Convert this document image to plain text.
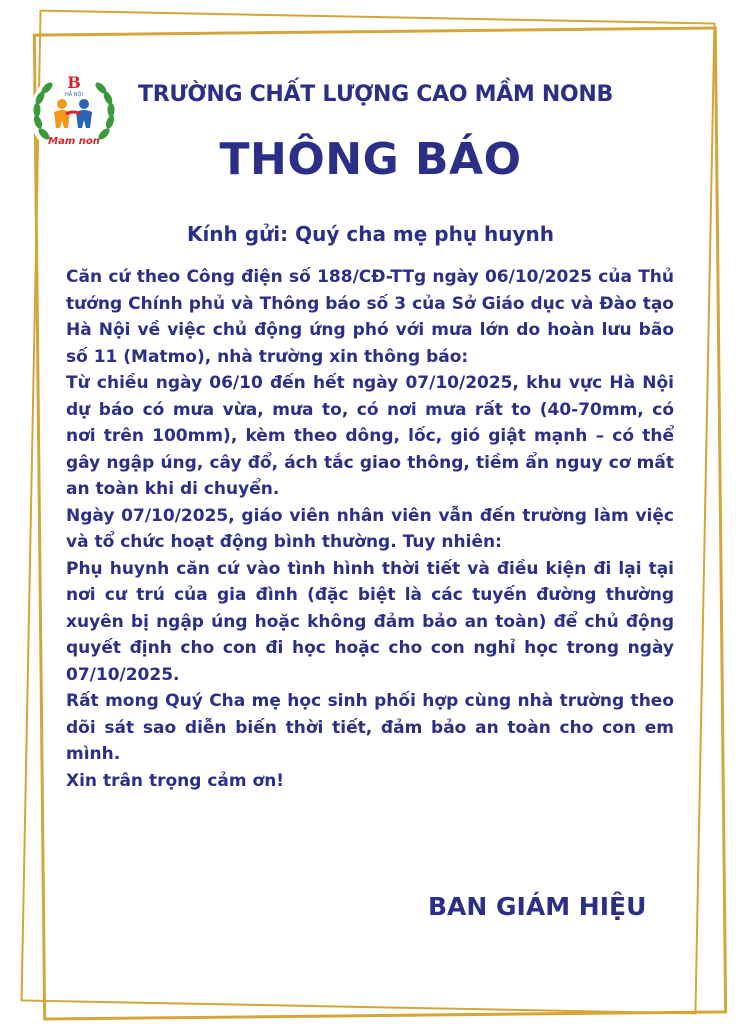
B
HÀ NỘI
Mam non
TRƯỜNG CHẤT LƯỢNG CAO MẦM NONB
THÔNG BÁO
Kính gửi: Quý cha mẹ phụ huynh

Căn cứ theo Công điện số 188/CĐ-TTg ngày 06/10/2025 của Thủ tướng Chính phủ và Thông báo số 3 của Sở Giáo dục và Đào tạo Hà Nội về việc chủ động ứng phó với mưa lớn do hoàn lưu bão số 11 (Matmo), nhà trường xin thông báo:

Từ chiều ngày 06/10 đến hết ngày 07/10/2025, khu vực Hà Nội dự báo có mưa vừa, mưa to, có nơi mưa rất to (40-70mm, có nơi trên 100mm), kèm theo dông, lốc, gió giật mạnh – có thể gây ngập úng, cây đổ, ách tắc giao thông, tiềm ẩn nguy cơ mất an toàn khi di chuyển.

Ngày 07/10/2025, giáo viên nhân viên vẫn đến trường làm việc và tổ chức hoạt động bình thường. Tuy nhiên:

Phụ huynh căn cứ vào tình hình thời tiết và điều kiện đi lại tại nơi cư trú của gia đình (đặc biệt là các tuyến đường thường xuyên bị ngập úng hoặc không đảm bảo an toàn) để chủ động quyết định cho con đi học hoặc cho con nghỉ học trong ngày 07/10/2025.

Rất mong Quý Cha mẹ học sinh phối hợp cùng nhà trường theo dõi sát sao diễn biến thời tiết, đảm bảo an toàn cho con em mình.

Xin trân trọng cảm ơn!

BAN GIÁM HIỆU
